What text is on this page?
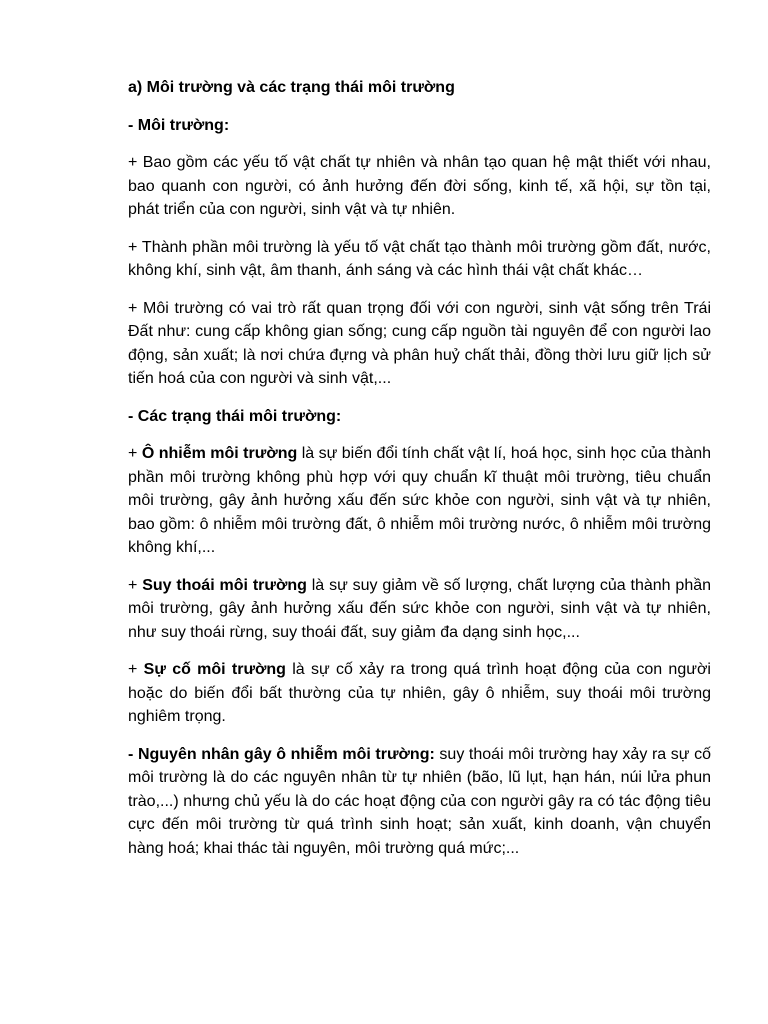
a) Môi trường và các trạng thái môi trường
- Môi trường:

+ Bao gồm các yếu tố vật chất tự nhiên và nhân tạo quan hệ mật thiết với nhau, bao quanh con người, có ảnh hưởng đến đời sống, kinh tế, xã hội, sự tồn tại, phát triển của con người, sinh vật và tự nhiên.

+ Thành phần môi trường là yếu tố vật chất tạo thành môi trường gồm đất, nước, không khí, sinh vật, âm thanh, ánh sáng và các hình thái vật chất khác…

+ Môi trường có vai trò rất quan trọng đối với con người, sinh vật sống trên Trái Đất như: cung cấp không gian sống; cung cấp nguồn tài nguyên để con người lao động, sản xuất; là nơi chứa đựng và phân huỷ chất thải, đồng thời lưu giữ lịch sử tiến hoá của con người và sinh vật,...

- Các trạng thái môi trường:

+ Ô nhiễm môi trường là sự biến đổi tính chất vật lí, hoá học, sinh học của thành phần môi trường không phù hợp với quy chuẩn kĩ thuật môi trường, tiêu chuẩn môi trường, gây ảnh hưởng xấu đến sức khỏe con người, sinh vật và tự nhiên, bao gồm: ô nhiễm môi trường đất, ô nhiễm môi trường nước, ô nhiễm môi trường không khí,...

+ Suy thoái môi trường là sự suy giảm về số lượng, chất lượng của thành phần môi trường, gây ảnh hưởng xấu đến sức khỏe con người, sinh vật và tự nhiên, như suy thoái rừng, suy thoái đất, suy giảm đa dạng sinh học,...

+ Sự cố môi trường là sự cố xảy ra trong quá trình hoạt động của con người hoặc do biến đổi bất thường của tự nhiên, gây ô nhiễm, suy thoái môi trường nghiêm trọng.

- Nguyên nhân gây ô nhiễm môi trường: suy thoái môi trường hay xảy ra sự cố môi trường là do các nguyên nhân từ tự nhiên (bão, lũ lụt, hạn hán, núi lửa phun trào,...) nhưng chủ yếu là do các hoạt động của con người gây ra có tác động tiêu cực đến môi trường từ quá trình sinh hoạt; sản xuất, kinh doanh, vận chuyển hàng hoá; khai thác tài nguyên, môi trường quá mức;...
